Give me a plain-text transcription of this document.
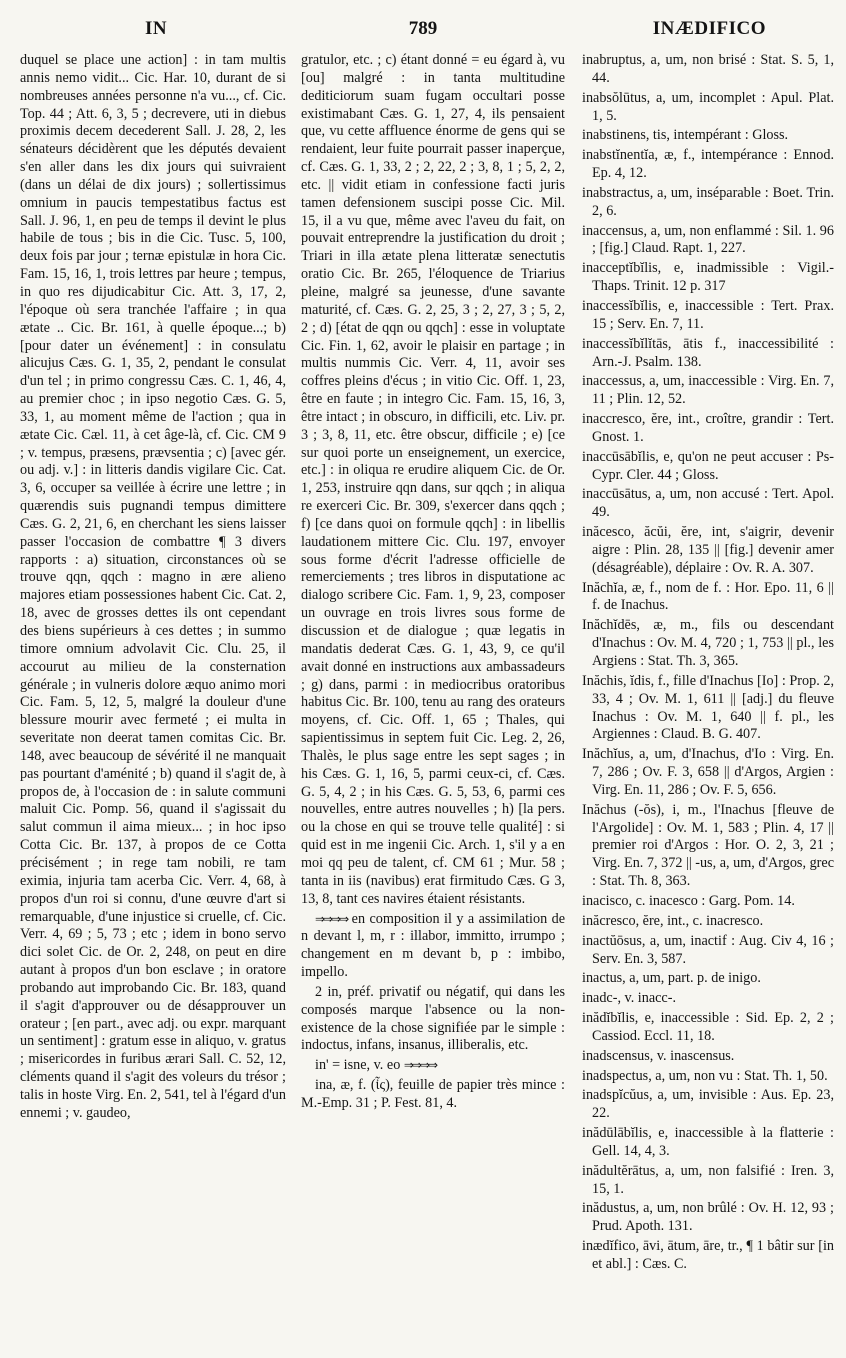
IN	789	INÆDIFICO

duquel se place une action] : in tam multis annis nemo vidit... Cic. Har. 10, durant de si nombreuses années personne n'a vu..., cf. Cic. Top. 44 ; Att. 6, 3, 5 ; decrevere, uti in diebus proximis decem decederent Sall. J. 28, 2, les sénateurs décidèrent que les députés devaient s'en aller dans les dix jours qui suivraient (dans un délai de dix jours) ; sollertissimus omnium in paucis tempestatibus factus est Sall. J. 96, 1, en peu de temps il devint le plus habile de tous ; bis in die Cic. Tusc. 5, 100, deux fois par jour ; ternæ epistulæ in hora Cic. Fam. 15, 16, 1, trois lettres par heure ; tempus, in quo res dijudicabitur Cic. Att. 3, 17, 2, l'époque où sera tranchée l'affaire ; in qua ætate .. Cic. Br. 161, à quelle époque...; b) [pour dater un événement] : in consulatu alicujus Cæs. G. 1, 35, 2, pendant le consulat d'un tel ; in primo congressu Cæs. C. 1, 46, 4, au premier choc ; in ipso negotio Cæs. G. 5, 33, 1, au moment même de l'action ; qua in ætate Cic. Cæl. 11, à cet âge-là, cf. Cic. CM 9 ; v. tempus, præsens, prævsentia ; c) [avec gér. ou adj. v.] : in litteris dandis vigilare Cic. Cat. 3, 6, occuper sa veillée à écrire une lettre ; in quærendis suis pugnandi tempus dimittere Cæs. G. 2, 21, 6, en cherchant les siens laisser passer l'occasion de combattre ¶ 3 divers rapports : a) situation, circonstances où se trouve qqn, qqch : magno in ære alieno majores etiam possessiones habent Cic. Cat. 2, 18, avec de grosses dettes ils ont cependant des biens supérieurs à ces dettes ; in summo timore omnium advolavit Cic. Clu. 25, il accourut au milieu de la consternation générale ; in vulneris dolore æquo animo mori Cic. Fam. 5, 12, 5, malgré la douleur d'une blessure mourir avec fermeté ; ei multa in severitate non deerat tamen comitas Cic. Br. 148, avec beaucoup de sévérité il ne manquait pas pourtant d'aménité ; b) quand il s'agit de, à propos de, à l'occasion de : in salute communi maluit Cic. Pomp. 56, quand il s'agissait du salut commun il aima mieux... ; in hoc ipso Cotta Cic. Br. 137, à propos de ce Cotta précisément ; in rege tam nobili, re tam eximia, injuria tam acerba Cic. Verr. 4, 68, à propos d'un roi si connu, d'une œuvre d'art si remarquable, d'une injustice si cruelle, cf. Cic. Verr. 4, 69 ; 5, 73 ; etc ; idem in bono servo dici solet Cic. de Or. 2, 248, on peut en dire autant à propos d'un bon esclave ; in oratore probando aut improbando Cic. Br. 183, quand il s'agit d'approuver ou de désapprouver un orateur ; [en part., avec adj. ou expr. marquant un sentiment] : gratum esse in aliquo, v. gratus ; misericordes in furibus ærari Sall. C. 52, 12, cléments quand il s'agit des voleurs du trésor ; talis in hoste Virg. En. 2, 541, tel à l'égard d'un ennemi ; v. gaudeo,

gratulor, etc. ; c) étant donné = eu égard à, vu [ou] malgré : in tanta multitudine dediticiorum suam fugam occultari posse existimabant Cæs. G. 1, 27, 4, ils pensaient que, vu cette affluence énorme de gens qui se rendaient, leur fuite pourrait passer inaperçue, cf. Cæs. G. 1, 33, 2 ; 2, 22, 2 ; 3, 8, 1 ; 5, 2, 2, etc. || vidit etiam in confessione facti juris tamen defensionem suscipi posse Cic. Mil. 15, il a vu que, même avec l'aveu du fait, on pouvait entreprendre la justification du droit ; Triari in illa ætate plena litteratæ senectutis oratio Cic. Br. 265, l'éloquence de Triarius pleine, malgré sa jeunesse, d'une savante maturité, cf. Cæs. G. 2, 25, 3 ; 2, 27, 3 ; 5, 2, 2 ; d) [état de qqn ou qqch] : esse in voluptate Cic. Fin. 1, 62, avoir le plaisir en partage ; in multis nummis Cic. Verr. 4, 11, avoir ses coffres pleins d'écus ; in vitio Cic. Off. 1, 23, être en faute ; in integro Cic. Fam. 15, 16, 3, être intact ; in obscuro, in difficili, etc. Liv. pr. 3 ; 3, 8, 11, etc. être obscur, difficile ; e) [ce sur quoi porte un enseignement, un exercice, etc.] : in oliqua re erudire aliquem Cic. de Or. 1, 253, instruire qqn dans, sur qqch ; in aliqua re exerceri Cic. Br. 309, s'exercer dans qqch ; f) [ce dans quoi on formule qqch] : in libellis laudationem mittere Cic. Clu. 197, envoyer sous forme d'écrit l'adresse officielle de remerciements ; tres libros in disputatione ac dialogo scribere Cic. Fam. 1, 9, 23, composer un ouvrage en trois livres sous forme de discussion et de dialogue ; quæ legatis in mandatis dederat Cæs. G. 1, 43, 9, ce qu'il avait donné en instructions aux ambassadeurs ; g) dans, parmi : in mediocribus oratoribus habitus Cic. Br. 100, tenu au rang des orateurs moyens, cf. Cic. Off. 1, 65 ; Thales, qui sapientissimus in septem fuit Cic. Leg. 2, 26, Thalès, le plus sage entre les sept sages ; in his Cæs. G. 1, 16, 5, parmi ceux-ci, cf. Cæs. G. 5, 4, 2 ; in his Cæs. G. 5, 53, 6, parmi ces nouvelles, entre autres nouvelles ; h) [la pers. ou la chose en qui se trouve telle qualité] : si quid est in me ingenii Cic. Arch. 1, s'il y a en moi qq peu de talent, cf. CM 61 ; Mur. 58 ; tanta in iis (navibus) erat firmitudo Cæs. G 3, 13, 8, tant ces navires étaient résistants.

⇒⇒⇒⇒ en composition il y a assimilation de n devant l, m, r : illabor, immitto, irrumpo ; changement en m devant b, p : imbibo, impello.

2 in, préf. privatif ou négatif, qui dans les composés marque l'absence ou la non-existence de la chose signifiée par le simple : indoctus, infans, insanus, illiberalis, etc.

in' = isne, v. eo ⇒⇒⇒⇒

ina, æ, f. (ἶς), feuille de papier très mince : M.-Emp. 31 ; P. Fest. 81, 4.

inabruptus, a, um, non brisé : Stat. S. 5, 1, 44.

inabsŏlūtus, a, um, incomplet : Apul. Plat. 1, 5.

inabstinens, tis, intempérant : Gloss.

inabstĭnentĭa, æ, f., intempérance : Ennod. Ep. 4, 12.

inabstractus, a, um, inséparable : Boet. Trin. 2, 6.

inaccensus, a, um, non enflammé : Sil. 1. 96 ; [fig.] Claud. Rapt. 1, 227.

inacceptĭbĭlis, e, inadmissible : Vigil.-Thaps. Trinit. 12 p. 317

inaccessĭbĭlis, e, inaccessible : Tert. Prax. 15 ; Serv. En. 7, 11.

inaccessĭbĭlĭtās, ātis f., inaccessibilité : Arn.-J. Psalm. 138.

inaccessus, a, um, inaccessible : Virg. En. 7, 11 ; Plin. 12, 52.

inaccresco, ĕre, int., croître, grandir : Tert. Gnost. 1.

inaccūsābĭlis, e, qu'on ne peut accuser : Ps-Cypr. Cler. 44 ; Gloss.

inaccūsātus, a, um, non accusé : Tert. Apol. 49.

inăcesco, ăcŭi, ĕre, int, s'aigrir, devenir aigre : Plin. 28, 135 || [fig.] devenir amer (désagréable), déplaire : Ov. R. A. 307.

Inăchĭa, æ, f., nom de f. : Hor. Epo. 11, 6 || f. de Inachus.

Inăchĭdēs, æ, m., fils ou descendant d'Inachus : Ov. M. 4, 720 ; 1, 753 || pl., les Argiens : Stat. Th. 3, 365.

Inăchis, ĭdis, f., fille d'Inachus [Io] : Prop. 2, 33, 4 ; Ov. M. 1, 611 || [adj.] du fleuve Inachus : Ov. M. 1, 640 || f. pl., les Argiennes : Claud. B. G. 407.

Inăchĭus, a, um, d'Inachus, d'Io : Virg. En. 7, 286 ; Ov. F. 3, 658 || d'Argos, Argien : Virg. En. 11, 286 ; Ov. F. 5, 656.

Inăchus (-ŏs), i, m., l'Inachus [fleuve de l'Argolide] : Ov. M. 1, 583 ; Plin. 4, 17 || premier roi d'Argos : Hor. O. 2, 3, 21 ; Virg. En. 7, 372 || -us, a, um, d'Argos, grec : Stat. Th. 8, 363.

inacisco, c. inacesco : Garg. Pom. 14.

inăcresco, ĕre, int., c. inacresco.

inactŭōsus, a, um, inactif : Aug. Civ 4, 16 ; Serv. En. 3, 587.

inactus, a, um, part. p. de inigo.

inadc-, v. inacc-.

inădĭbĭlis, e, inaccessible : Sid. Ep. 2, 2 ; Cassiod. Eccl. 11, 18.

inadscensus, v. inascensus.

inadspectus, a, um, non vu : Stat. Th. 1, 50.

inadspĭcŭus, a, um, invisible : Aus. Ep. 23, 22.

inădūlābĭlis, e, inaccessible à la flatterie : Gell. 14, 4, 3.

inădultĕrātus, a, um, non falsifié : Iren. 3, 15, 1.

inădustus, a, um, non brûlé : Ov. H. 12, 93 ; Prud. Apoth. 131.

inædĭfico, āvi, ātum, āre, tr., ¶ 1 bâtir sur [in et abl.] : Cæs. C.
